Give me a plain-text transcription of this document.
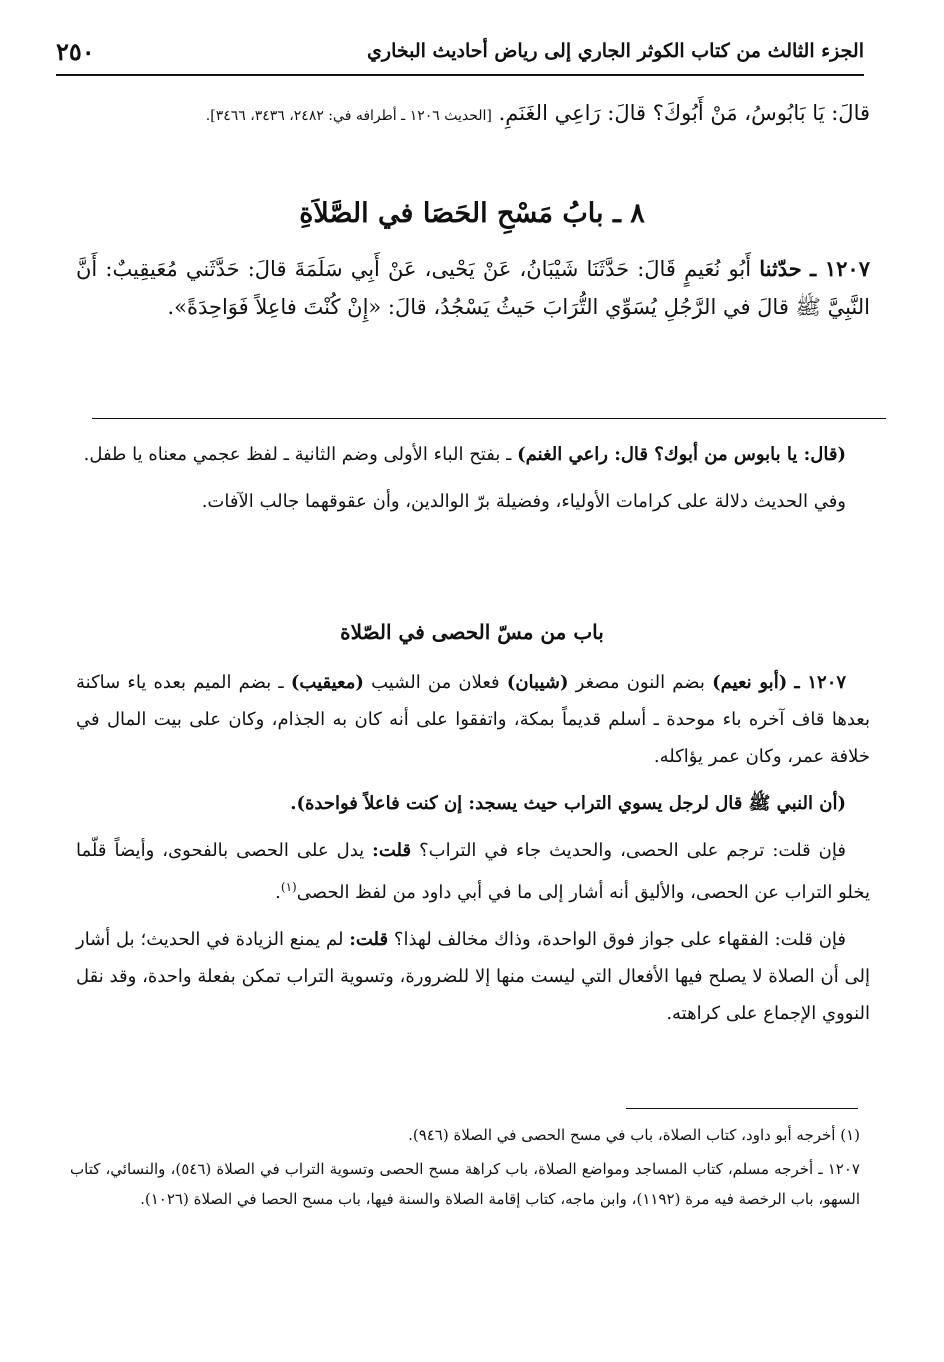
الجزء الثالث من كتاب الكوثر الجاري إلى رياض أحاديث البخاري
٢٥٠
قالَ: يَا بَابُوسُ، مَنْ أَبُوكَ؟ قالَ: رَاعِي الغَنَمِ. [الحديث ١٢٠٦ ـ أطرافه في: ٢٤٨٢، ٣٤٣٦، ٣٤٦٦].
٨ ـ بابُ مَسْحِ الحَصَا في الصَّلاَةِ
١٢٠٧ ـ حدّثنا أَبُو نُعَيمٍ قَالَ: حَدَّثَنَا شَيْبَانُ، عَنْ يَحْيى، عَنْ أَبِي سَلَمَةَ قالَ: حَدَّثَني مُعَيقِيبٌ: أَنَّ النَّبِيَّ ﷺ قالَ في الرَّجُلِ يُسَوِّي التُّرَابَ حَيثُ يَسْجُدُ، قالَ: «إِنْ كُنْتَ فاعِلاً فَوَاحِدَةً».

(قال: يا بابوس من أبوك؟ قال: راعي الغنم) ـ بفتح الباء الأولى وضم الثانية ـ لفظ عجمي معناه يا طفل.

وفي الحديث دلالة على كرامات الأولياء، وفضيلة برّ الوالدين، وأن عقوقهما جالب الآفات.

باب من مسّ الحصى في الصّلاة

١٢٠٧ ـ (أبو نعيم) بضم النون مصغر (شيبان) فعلان من الشيب (معيقيب) ـ بضم الميم بعده ياء ساكنة بعدها قاف آخره باء موحدة ـ أسلم قديماً بمكة، واتفقوا على أنه كان به الجذام، وكان على بيت المال في خلافة عمر، وكان عمر يؤاكله.

(أن النبي ﷺ قال لرجل يسوي التراب حيث يسجد: إن كنت فاعلاً فواحدة).

فإن قلت: ترجم على الحصى، والحديث جاء في التراب؟ قلت: يدل على الحصى بالفحوى، وأيضاً قلّما يخلو التراب عن الحصى، والأليق أنه أشار إلى ما في أبي داود من لفظ الحصى$^{(١)}$.

فإن قلت: الفقهاء على جواز فوق الواحدة، وذاك مخالف لهذا؟ قلت: لم يمنع الزيادة في الحديث؛ بل أشار إلى أن الصلاة لا يصلح فيها الأفعال التي ليست منها إلا للضرورة، وتسوية التراب تمكن بفعلة واحدة، وقد نقل النووي الإجماع على كراهته.

(١) أخرجه أبو داود، كتاب الصلاة، باب في مسح الحصى في الصلاة (٩٤٦).

١٢٠٧ ـ أخرجه مسلم، كتاب المساجد ومواضع الصلاة، باب كراهة مسح الحصى وتسوية التراب في الصلاة (٥٤٦)، والنسائي، كتاب السهو، باب الرخصة فيه مرة (١١٩٢)، وابن ماجه، كتاب إقامة الصلاة والسنة فيها، باب مسح الحصا في الصلاة (١٠٢٦).
